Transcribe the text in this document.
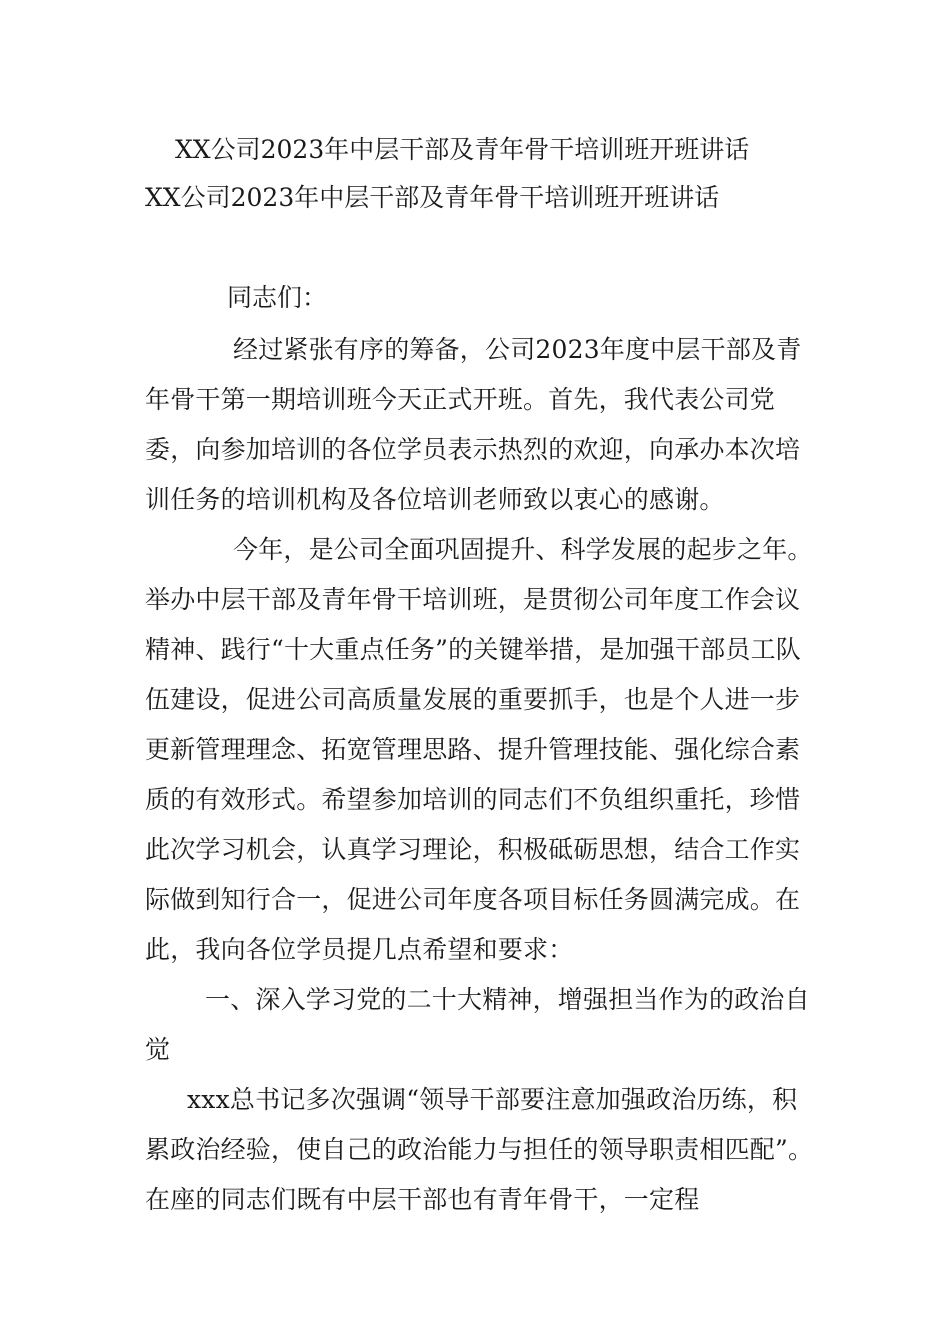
XX公司2023年中层干部及青年骨干培训班开班讲话
XX公司2023年中层干部及青年骨干培训班开班讲话
同志们：

经过紧张有序的筹备，公司2023年度中层干部及青年骨干第一期培训班今天正式开班。首先，我代表公司党委，向参加培训的各位学员表示热烈的欢迎，向承办本次培训任务的培训机构及各位培训老师致以衷心的感谢。

今年，是公司全面巩固提升、科学发展的起步之年。举办中层干部及青年骨干培训班，是贯彻公司年度工作会议精神、践行“十大重点任务”的关键举措，是加强干部员工队伍建设，促进公司高质量发展的重要抓手，也是个人进一步更新管理理念、拓宽管理思路、提升管理技能、强化综合素质的有效形式。希望参加培训的同志们不负组织重托，珍惜此次学习机会，认真学习理论，积极砥砺思想，结合工作实际做到知行合一，促进公司年度各项目标任务圆满完成。在此，我向各位学员提几点希望和要求：

一、深入学习党的二十大精神，增强担当作为的政治自觉

xxx总书记多次强调“领导干部要注意加强政治历练，积累政治经验，使自己的政治能力与担任的领导职责相匹配”。在座的同志们既有中层干部也有青年骨干，一定程
